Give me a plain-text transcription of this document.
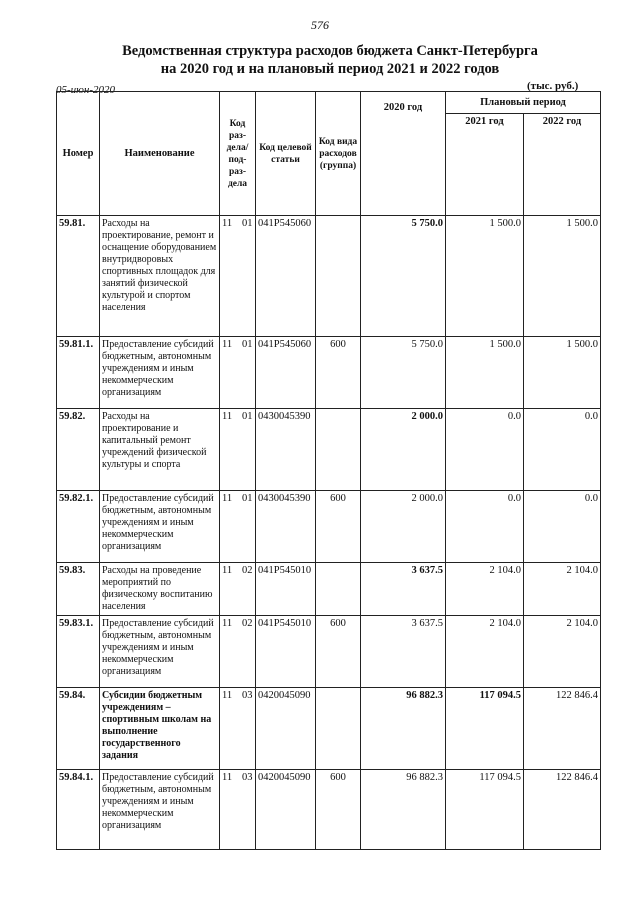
576
Ведомственная структура расходов бюджета Санкт-Петербурга
на 2020 год и на плановый период 2021 и 2022 годов
05-июн-2020	(тыс. руб.)
Номер	Наименование	Код раз-дела/под-раз-дела	Код целевой статьи	Код вида расходов (группа)	2020 год	Плановый период	
						2021 год	2022 год
59.81.	Расходы на проектирование, ремонт и оснащение оборудованием внутридворовых спортивных площадок для занятий физической культурой и спортом населения	11 01	041P545060		5 750.0	1 500.0	1 500.0
59.81.1.	Предоставление субсидий бюджетным, автономным учреждениям и иным некоммерческим организациям	11 01	041P545060	600	5 750.0	1 500.0	1 500.0
59.82.	Расходы на проектирование и капитальный ремонт учреждений физической культуры и спорта	11 01	0430045390		2 000.0	0.0	0.0
59.82.1.	Предоставление субсидий бюджетным, автономным учреждениям и иным некоммерческим организациям	11 01	0430045390	600	2 000.0	0.0	0.0
59.83.	Расходы на проведение мероприятий по физическому воспитанию населения	11 02	041P545010		3 637.5	2 104.0	2 104.0
59.83.1.	Предоставление субсидий бюджетным, автономным учреждениям и иным некоммерческим организациям	11 02	041P545010	600	3 637.5	2 104.0	2 104.0
59.84.	Субсидии бюджетным учреждениям – спортивным школам на выполнение государственного задания	11 03	0420045090		96 882.3	117 094.5	122 846.4
59.84.1.	Предоставление субсидий бюджетным, автономным учреждениям и иным некоммерческим организациям	11 03	0420045090	600	96 882.3	117 094.5	122 846.4
